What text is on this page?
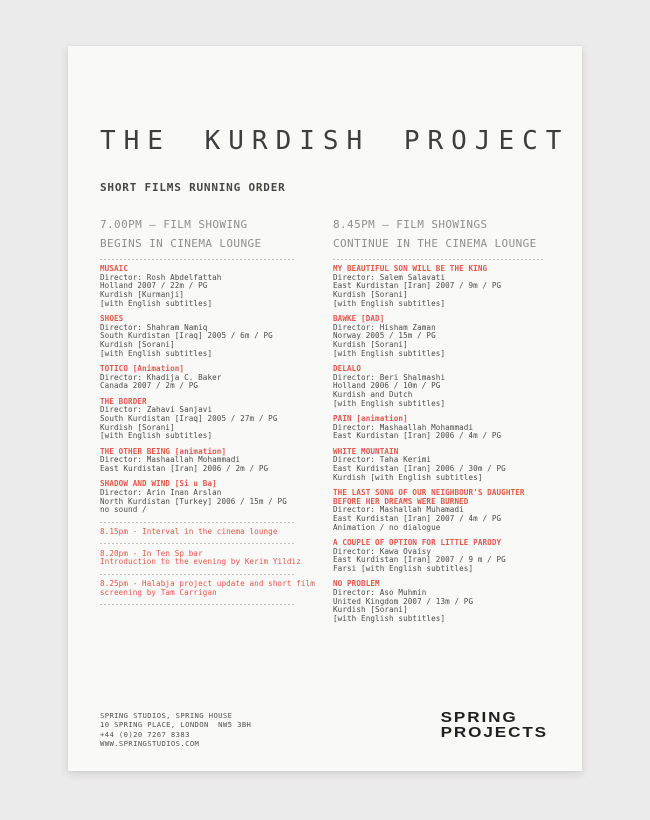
THE KURDISH PROJECT
SHORT FILMS RUNNING ORDER
7.00PM – FILM SHOWING
BEGINS IN CINEMA LOUNGE
MUSAIC
Director: Rosh Abdelfattah
Holland 2007 / 22m / PG
Kurdish [Kurmanji]
[with English subtitles]
SHOES
Director: Shahram Namiq
South Kurdistan [Iraq] 2005 / 6m / PG
Kurdish [Sorani]
[with English subtitles]
TOTICO [Animation]
Director: Khadija C. Baker
Canada 2007 / 2m / PG
THE BORDER
Director: Zahavi Sanjavi
South Kurdistan [Iraq] 2005 / 27m / PG
Kurdish [Sorani]
[with English subtitles]
THE OTHER BEING [animation]
Director: Mashaallah Mohammadi
East Kurdistan [Iran] 2006 / 2m / PG
SHADOW AND WIND [Si u Ba]
Director: Arin Inan Arslan
North Kurdistan [Turkey] 2006 / 15m / PG
no sound /
8.15pm - Interval in the cinema lounge
8.20pm - In Ten Sp bar
Introduction to the evening by Kerim Yildiz
8.25pm - Halabja project update and short film
screening by Tam Carrigan
8.45PM – FILM SHOWINGS
CONTINUE IN THE CINEMA LOUNGE
MY BEAUTIFUL SON WILL BE THE KING
Director: Salem Salavati
East Kurdistan [Iran] 2007 / 9m / PG
Kurdish [Sorani]
[with English subtitles]
BAWKE [DAD]
Director: Hisham Zaman
Norway 2005 / 15m / PG
Kurdish [Sorani]
[with English subtitles]
DELALO
Director: Beri Shalmashi
Holland 2006 / 10m / PG
Kurdish and Dutch
[with English subtitles]
PAIN [animation]
Director: Mashaallah Mohammadi
East Kurdistan [Iran] 2006 / 4m / PG
WHITE MOUNTAIN
Director: Taha Kerimi
East Kurdistan [Iran] 2006 / 30m / PG
Kurdish [with English subtitles]
THE LAST SONG OF OUR NEIGHBOUR'S DAUGHTER BEFORE HER DREAMS WERE BURNED
Director: Mashallah Muhamadi
East Kurdistan [Iran] 2007 / 4m / PG
Animation / no dialogue
A COUPLE OF OPTION FOR LITTLE PARODY
Director: Kawa Ovaisy
East Kurdistan [Iran] 2007 / 9 m / PG
Farsi [with English subtitles]
NO PROBLEM
Director: Aso Muhmin
United Kingdom 2007 / 13m / PG
Kurdish [Sorani]
[with English subtitles]
SPRING STUDIOS, SPRING HOUSE
10 SPRING PLACE, LONDON  NW5 3BH
+44 (0)20 7267 8383
WWW.SPRINGSTUDIOS.COM
SPRING
PROJECTS
